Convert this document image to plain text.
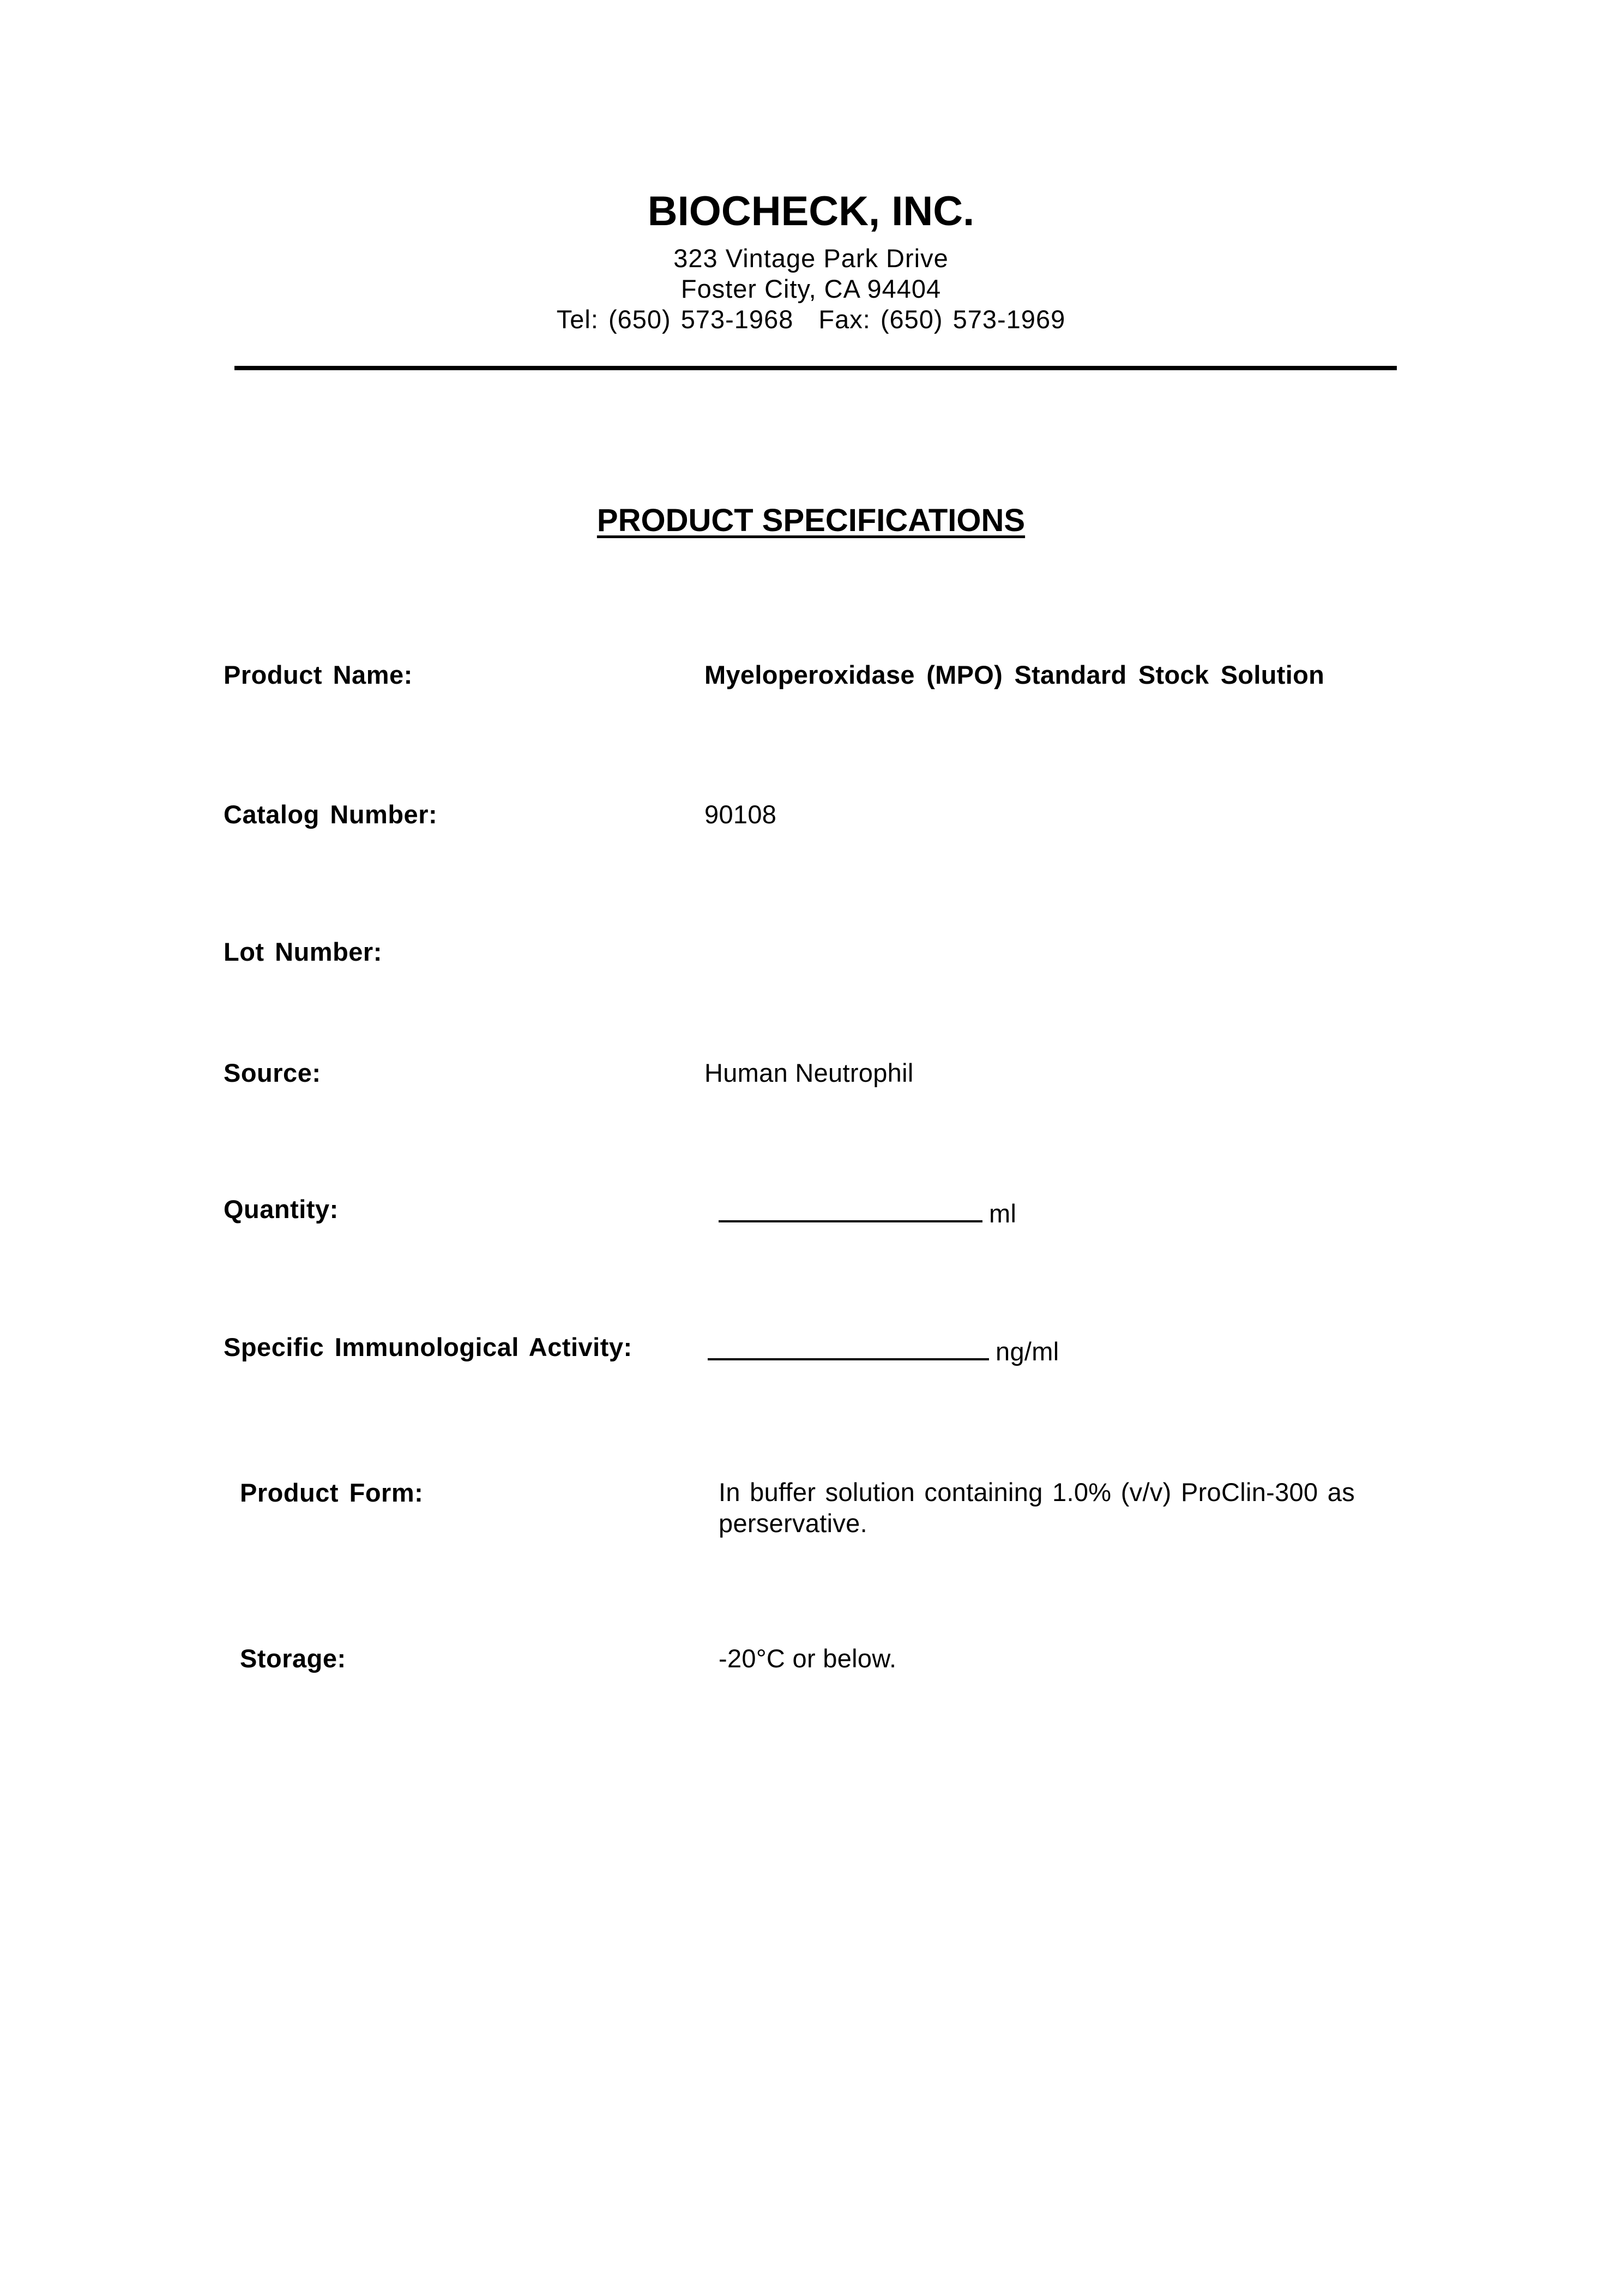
BIOCHECK, INC.
323 Vintage Park Drive
Foster City, CA 94404
Tel: (650) 573-1968 Fax: (650) 573-1969
PRODUCT SPECIFICATIONS
Product Name:	Myeloperoxidase (MPO) Standard Stock Solution
Catalog Number:	90108
Lot Number:
Source:	Human Neutrophil
Quantity:	ml
Specific Immunological Activity:	ng/ml
Product Form:	In buffer solution containing 1.0% (v/v) ProClin-300 as perservative.
Storage:	-20°C or below.
